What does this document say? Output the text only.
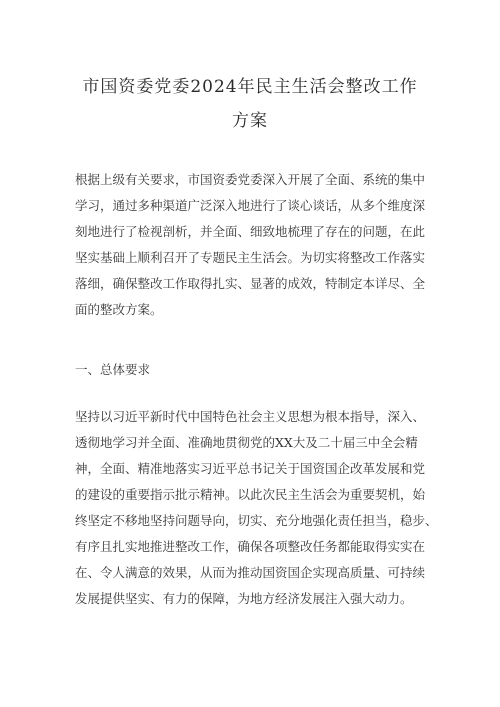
市国资委党委2024年民主生活会整改工作
方案
根据上级有关要求，市国资委党委深入开展了全面、系统的集中
学习，通过多种渠道广泛深入地进行了谈心谈话，从多个维度深
刻地进行了检视剖析，并全面、细致地梳理了存在的问题，在此
坚实基础上顺利召开了专题民主生活会。为切实将整改工作落实
落细，确保整改工作取得扎实、显著的成效，特制定本详尽、全
面的整改方案。
一、总体要求
坚持以习近平新时代中国特色社会主义思想为根本指导，深入、
透彻地学习并全面、准确地贯彻党的XX大及二十届三中全会精
神，全面、精准地落实习近平总书记关于国资国企改革发展和党
的建设的重要指示批示精神。以此次民主生活会为重要契机，始
终坚定不移地坚持问题导向，切实、充分地强化责任担当，稳步、
有序且扎实地推进整改工作，确保各项整改任务都能取得实实在
在、令人满意的效果，从而为推动国资国企实现高质量、可持续
发展提供坚实、有力的保障，为地方经济发展注入强大动力。
